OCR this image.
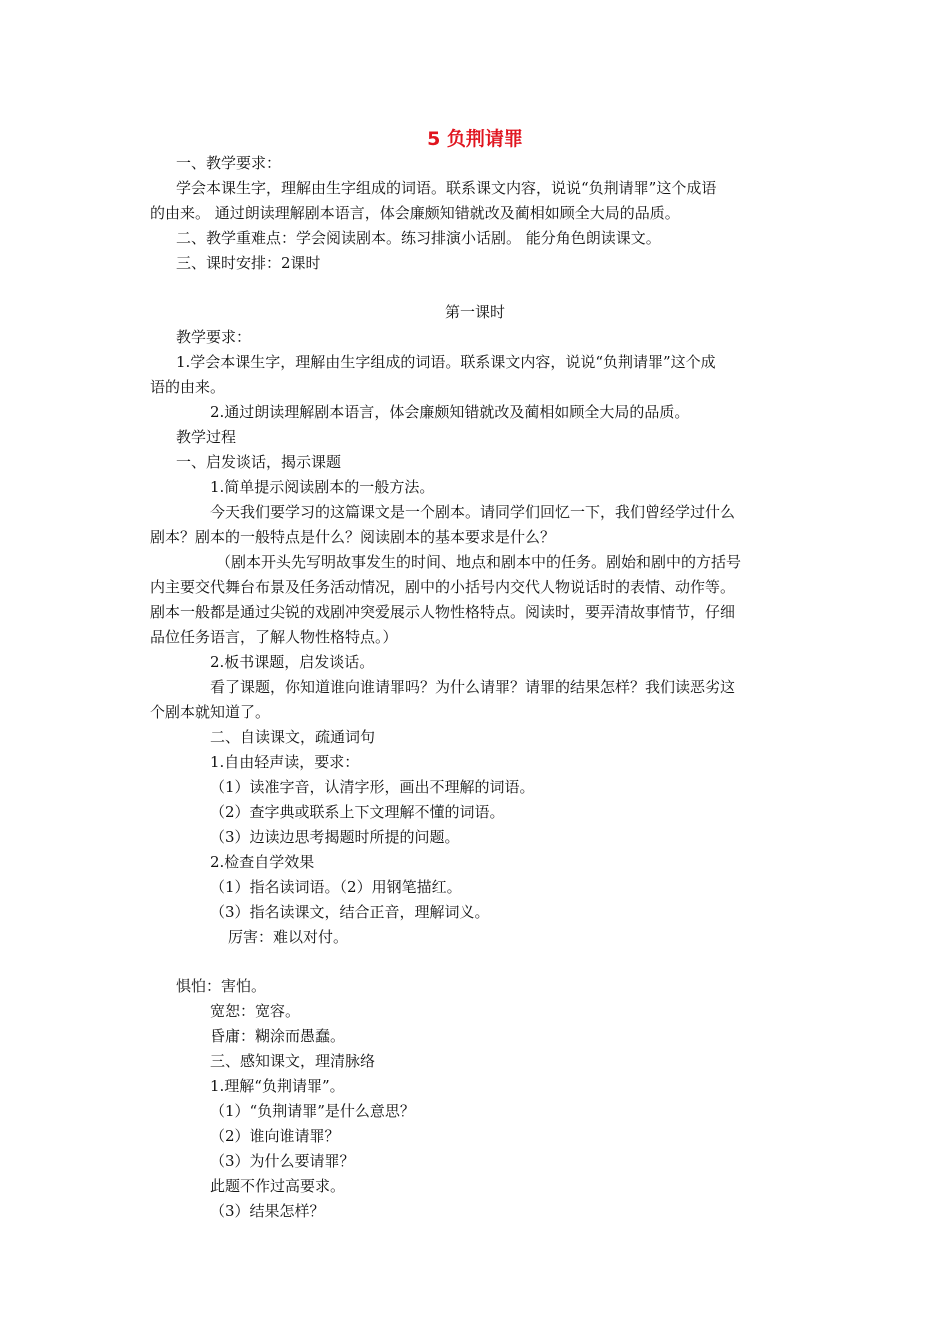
5 负荆请罪

一、教学要求：

学会本课生字，理解由生字组成的词语。联系课文内容，说说“负荆请罪”这个成语

的由来。 通过朗读理解剧本语言，体会廉颇知错就改及蔺相如顾全大局的品质。

二、教学重难点：学会阅读剧本。练习排演小话剧。 能分角色朗读课文。

三、课时安排：2课时

第一课时

教学要求：

1.学会本课生字，理解由生字组成的词语。联系课文内容，说说“负荆请罪”这个成

语的由来。

2.通过朗读理解剧本语言，体会廉颇知错就改及蔺相如顾全大局的品质。

教学过程

一、启发谈话，揭示课题

1.简单提示阅读剧本的一般方法。

今天我们要学习的这篇课文是一个剧本。请同学们回忆一下，我们曾经学过什么

剧本？剧本的一般特点是什么？阅读剧本的基本要求是什么？

（剧本开头先写明故事发生的时间、地点和剧本中的任务。剧始和剧中的方括号

内主要交代舞台布景及任务活动情况，剧中的小括号内交代人物说话时的表情、动作等。

剧本一般都是通过尖锐的戏剧冲突爱展示人物性格特点。阅读时，要弄清故事情节，仔细

品位任务语言，了解人物性格特点。）

2.板书课题，启发谈话。

看了课题，你知道谁向谁请罪吗？为什么请罪？请罪的结果怎样？我们读恶劣这

个剧本就知道了。

二、自读课文，疏通词句

1.自由轻声读，要求：

（1）读准字音，认清字形，画出不理解的词语。

（2）查字典或联系上下文理解不懂的词语。

（3）边读边思考揭题时所提的问题。

2.检查自学效果

（1）指名读词语。（2）用钢笔描红。

（3）指名读课文，结合正音，理解词义。

厉害：难以对付。

惧怕：害怕。

宽恕：宽容。

昏庸：糊涂而愚蠢。

三、感知课文，理清脉络

1.理解“负荆请罪”。

（1）“负荆请罪”是什么意思？

（2）谁向谁请罪？

（3）为什么要请罪？

此题不作过高要求。

（3）结果怎样？
